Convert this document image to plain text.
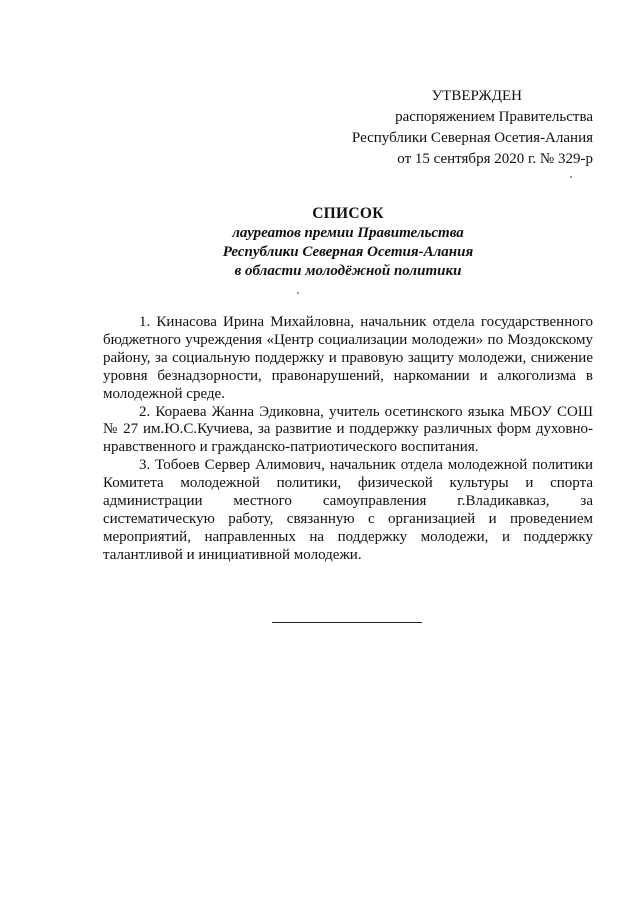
УТВЕРЖДЕН
распоряжением Правительства
Республики Северная Осетия-Алания
от 15 сентября 2020 г. № 329-р
СПИСОК
лауреатов премии Правительства
Республики Северная Осетия-Алания
в области молодёжной политики

1. Кинасова Ирина Михайловна, начальник отдела государственного бюджетного учреждения «Центр социализации молодежи» по Моздокскому району, за социальную поддержку и правовую защиту молодежи, снижение уровня безнадзорности, правонарушений, наркомании и алкоголизма в молодежной среде.

2. Кораева Жанна Эдиковна, учитель осетинского языка МБОУ СОШ № 27 им.Ю.С.Кучиева, за развитие и поддержку различных форм духовно-нравственного и гражданско-патриотического воспитания.

3. Тобоев Сервер Алимович, начальник отдела молодежной политики Комитета молодежной политики, физической культуры и спорта администрации местного самоуправления г.Владикавказ, за систематическую работу, связанную с организацией и проведением мероприятий, направленных на поддержку молодежи, и поддержку талантливой и инициативной молодежи.
